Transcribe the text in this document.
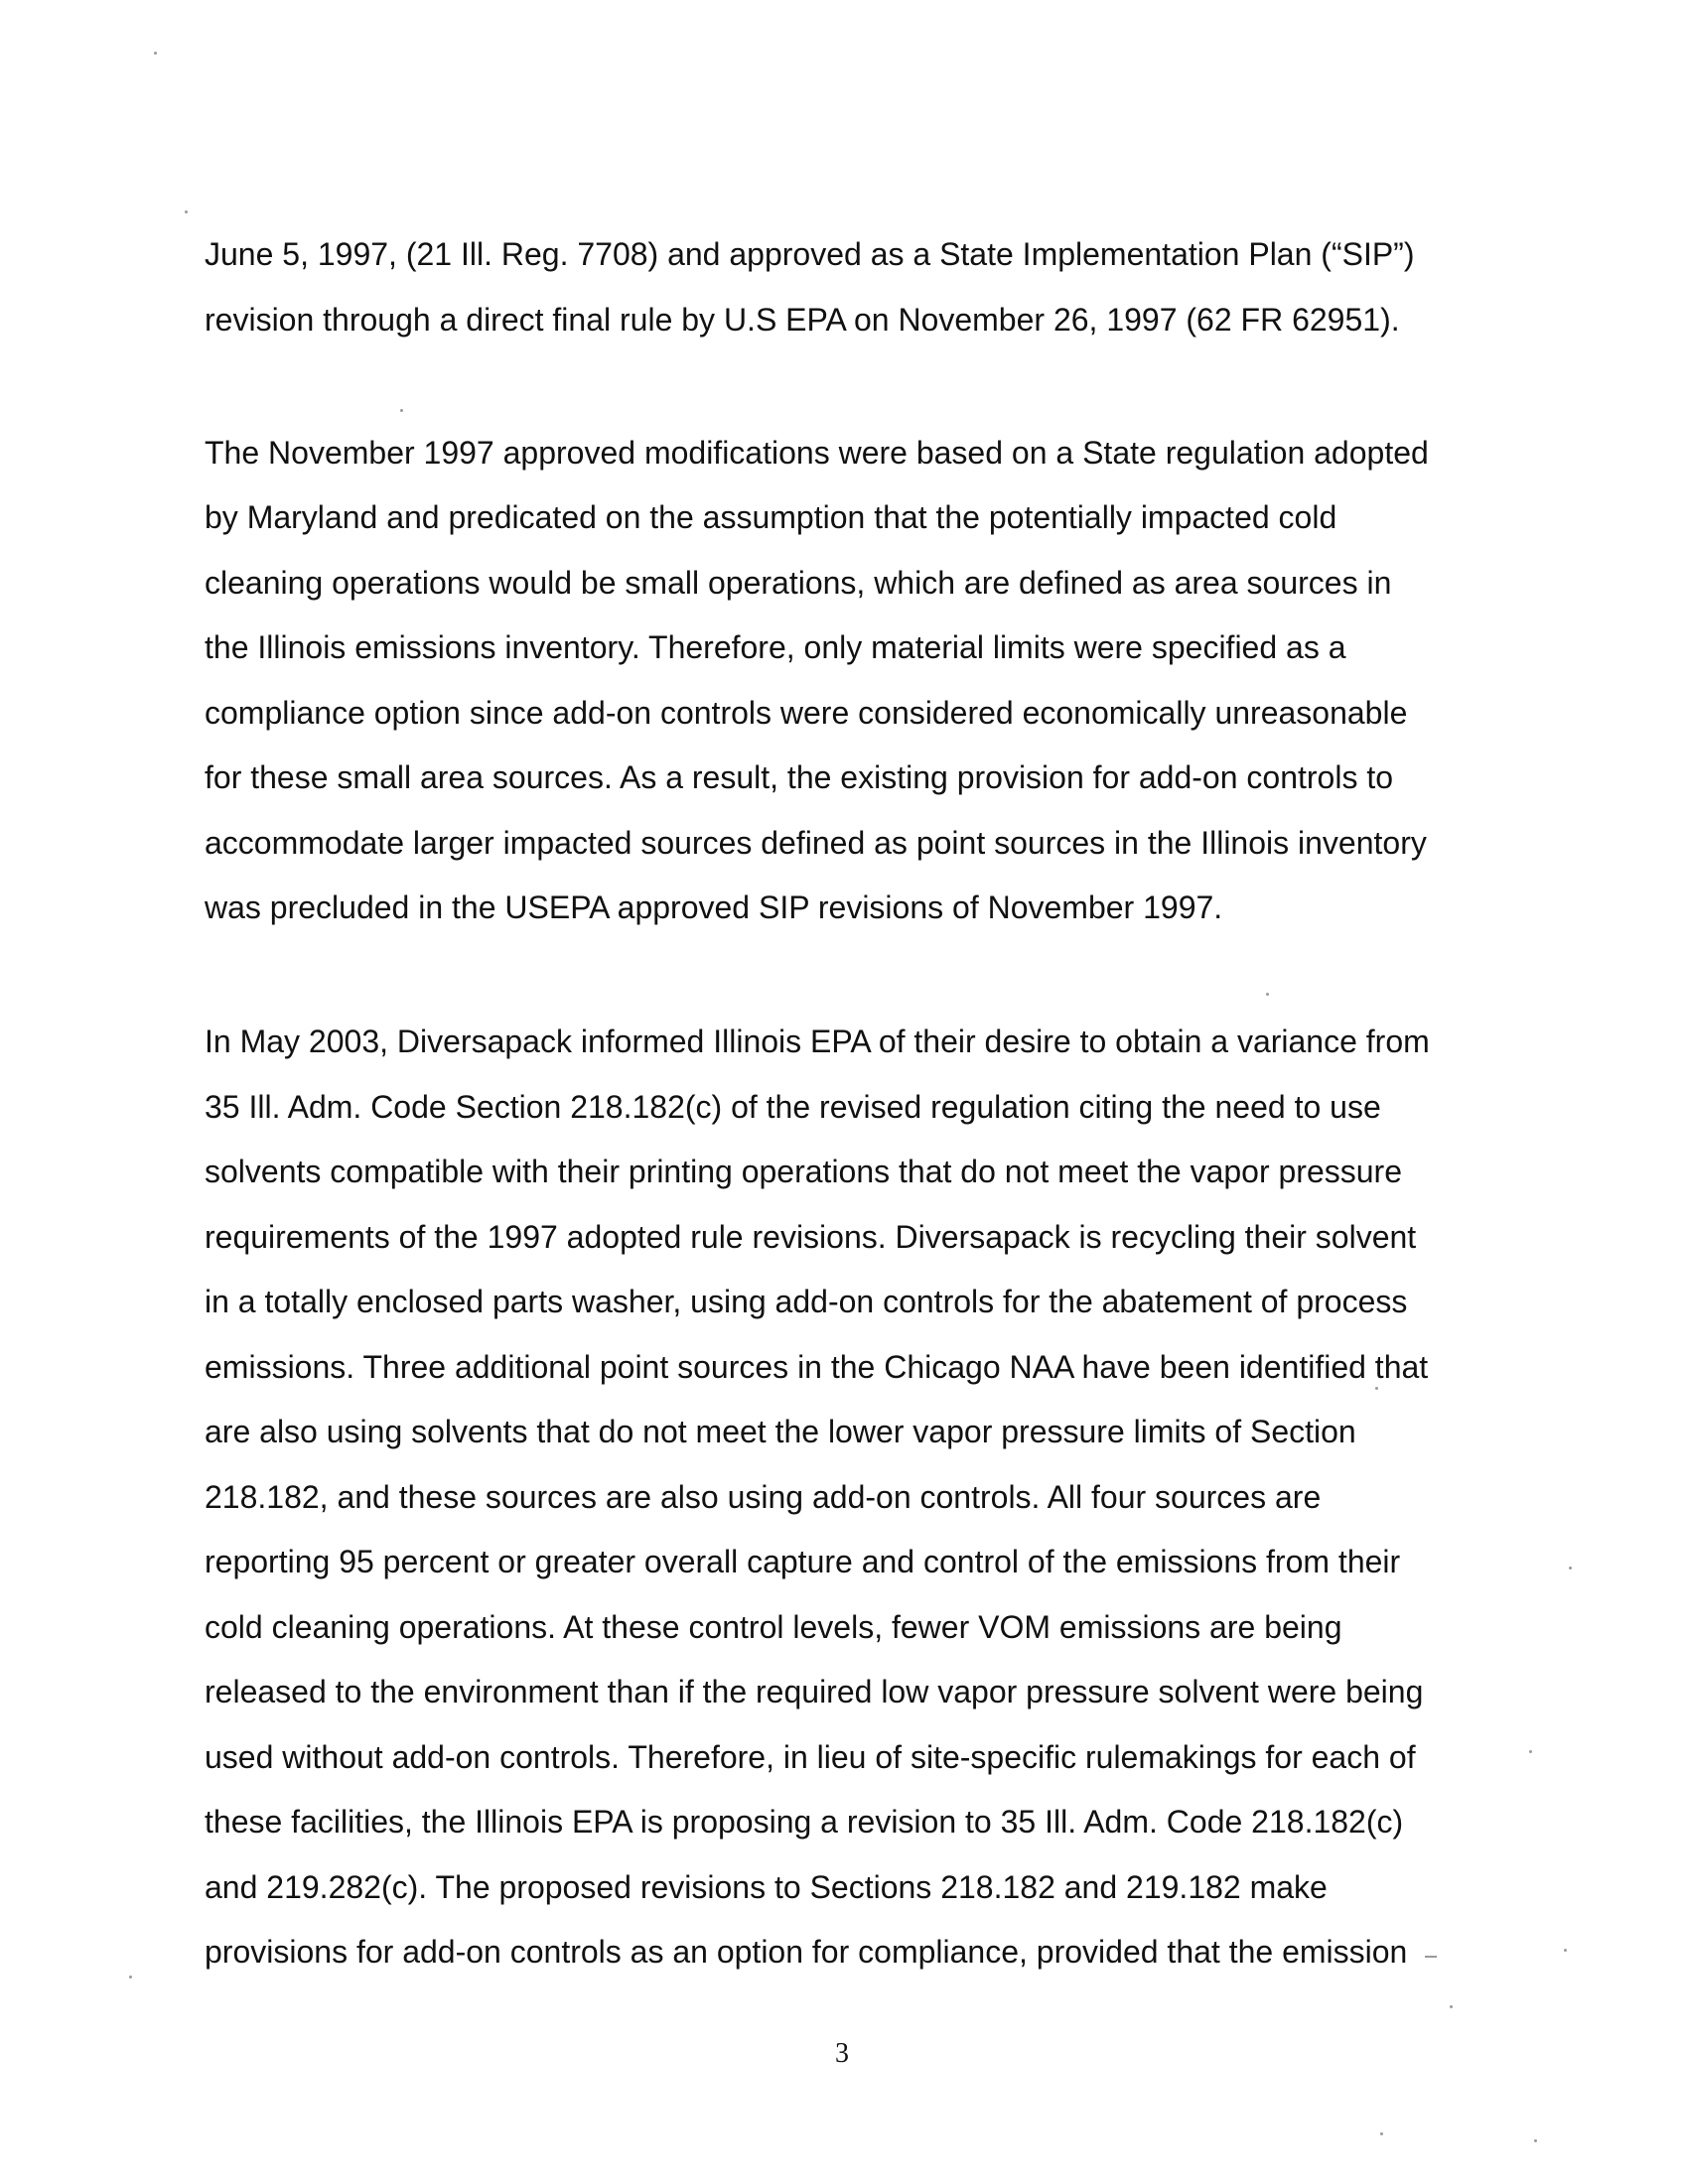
June 5, 1997, (21 Ill. Reg. 7708) and approved as a State Implementation Plan (“SIP”)
revision through a direct final rule by U.S EPA on November 26, 1997 (62 FR 62951).
The November 1997 approved modifications were based on a State regulation adopted
by Maryland and predicated on the assumption that the potentially impacted cold
cleaning operations would be small operations, which are defined as area sources in
the Illinois emissions inventory. Therefore, only material limits were specified as a
compliance option since add-on controls were considered economically unreasonable
for these small area sources. As a result, the existing provision for add-on controls to
accommodate larger impacted sources defined as point sources in the Illinois inventory
was precluded in the USEPA approved SIP revisions of November 1997.
In May 2003, Diversapack informed Illinois EPA of their desire to obtain a variance from
35 Ill. Adm. Code Section 218.182(c) of the revised regulation citing the need to use
solvents compatible with their printing operations that do not meet the vapor pressure
requirements of the 1997 adopted rule revisions. Diversapack is recycling their solvent
in a totally enclosed parts washer, using add-on controls for the abatement of process
emissions. Three additional point sources in the Chicago NAA have been identified that
are also using solvents that do not meet the lower vapor pressure limits of Section
218.182, and these sources are also using add-on controls. All four sources are
reporting 95 percent or greater overall capture and control of the emissions from their
cold cleaning operations. At these control levels, fewer VOM emissions are being
released to the environment than if the required low vapor pressure solvent were being
used without add-on controls. Therefore, in lieu of site-specific rulemakings for each of
these facilities, the Illinois EPA is proposing a revision to 35 Ill. Adm. Code 218.182(c)
and 219.282(c). The proposed revisions to Sections 218.182 and 219.182 make
provisions for add-on controls as an option for compliance, provided that the emission
3
